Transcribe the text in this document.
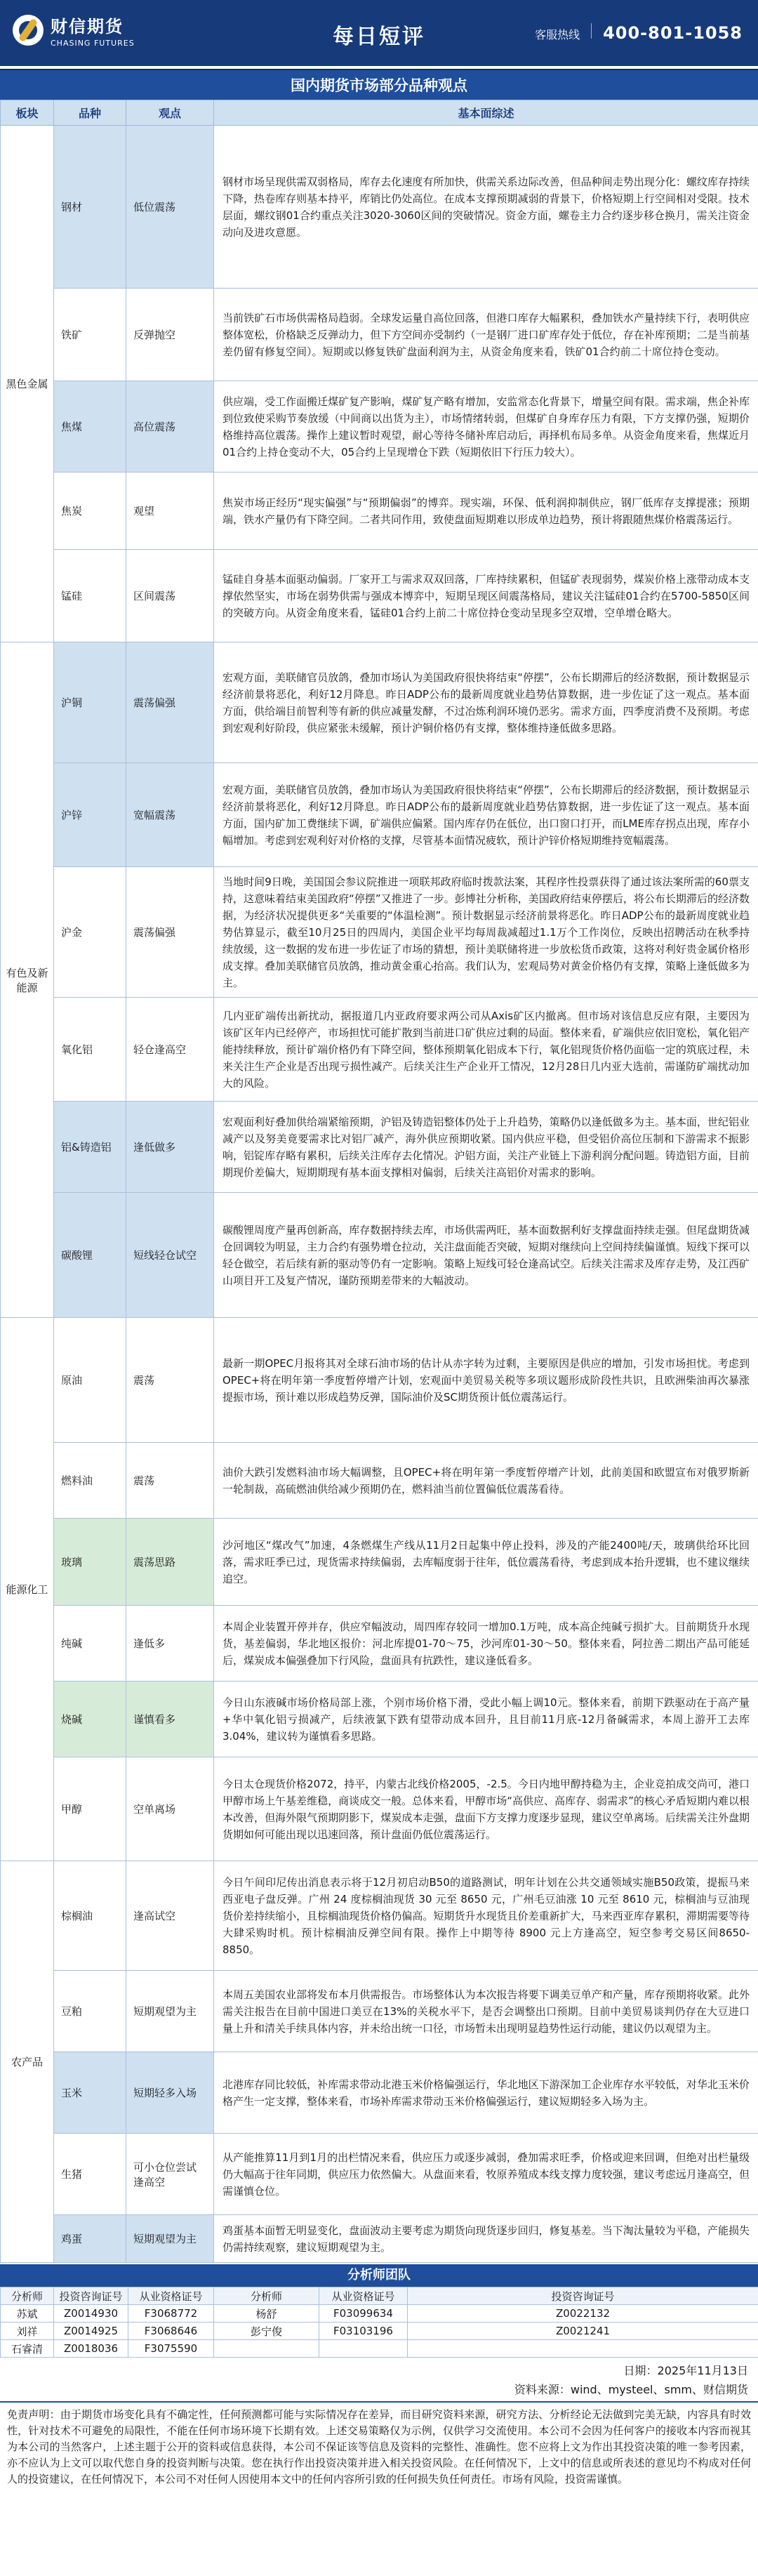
财信期货
CHASING FUTURES	每日短评	客服热线 400-801-1058
国内期货市场部分品种观点
板块	品种	观点	基本面综述
黑色金属	钢材	低位震荡	钢材市场呈现供需双弱格局，库存去化速度有所加快，供需关系边际改善，但品种间走势出现分化：螺纹库存持续下降，热卷库存则基本持平，库销比仍处高位。在成本支撑预期减弱的背景下，价格短期上行空间相对受限。技术层面，螺纹钢01合约重点关注3020-3060区间的突破情况。资金方面，螺卷主力合约逐步移仓换月，需关注资金动向及进攻意愿。
	铁矿	反弹抛空	当前铁矿石市场供需格局趋弱。全球发运量自高位回落，但港口库存大幅累积，叠加铁水产量持续下行，表明供应整体宽松，价格缺乏反弹动力，但下方空间亦受制约（一是钢厂进口矿库存处于低位，存在补库预期；二是当前基差仍留有修复空间）。短期或以修复铁矿盘面利润为主，从资金角度来看，铁矿01合约前二十席位持仓变动。
	焦煤	高位震荡	供应端，受工作面搬迁煤矿复产影响，煤矿复产略有增加，安监常态化背景下，增量空间有限。需求端，焦企补库到位致使采购节奏放缓（中间商以出货为主），市场情绪转弱，但煤矿自身库存压力有限，下方支撑仍强，短期价格维持高位震荡。操作上建议暂时观望，耐心等待冬储补库启动后，再择机布局多单。从资金角度来看，焦煤近月01合约上持仓变动不大，05合约上呈现增仓下跌（短期依旧下行压力较大）。
	焦炭	观望	焦炭市场正经历“现实偏强”与“预期偏弱”的博弈。现实端，环保、低利润抑制供应，钢厂低库存支撑提涨；预期端，铁水产量仍有下降空间。二者共同作用，致使盘面短期难以形成单边趋势，预计将跟随焦煤价格震荡运行。
	锰硅	区间震荡	锰硅自身基本面驱动偏弱。厂家开工与需求双双回落，厂库持续累积，但锰矿表现弱势，煤炭价格上涨带动成本支撑依然坚实，市场在弱势供需与强成本博弈中，短期呈现区间震荡格局，建议关注锰硅01合约在5700-5850区间的突破方向。从资金角度来看，锰硅01合约上前二十席位持仓变动呈现多空双增，空单增仓略大。
有色及新能源	沪铜	震荡偏强	宏观方面，美联储官员放鸽，叠加市场认为美国政府很快将结束“停摆”，公布长期滞后的经济数据，预计数据显示经济前景将恶化，利好12月降息。昨日ADP公布的最新周度就业趋势估算数据，进一步佐证了这一观点。基本面方面，供给端目前智利等有新的供应减量发酵，不过冶炼利润环境仍恶劣。需求方面，四季度消费不及预期。考虑到宏观利好阶段，供应紧张未缓解，预计沪铜价格仍有支撑，整体维持逢低做多思路。
	沪锌	宽幅震荡	宏观方面，美联储官员放鸽，叠加市场认为美国政府很快将结束“停摆”，公布长期滞后的经济数据，预计数据显示经济前景将恶化，利好12月降息。昨日ADP公布的最新周度就业趋势估算数据，进一步佐证了这一观点。基本面方面，国内矿加工费继续下调，矿端供应偏紧。国内库存仍在低位，出口窗口打开，而LME库存拐点出现，库存小幅增加。考虑到宏观利好对价格的支撑，尽管基本面情况疲软，预计沪锌价格短期维持宽幅震荡。
	沪金	震荡偏强	当地时间9日晚，美国国会参议院推进一项联邦政府临时拨款法案，其程序性投票获得了通过该法案所需的60票支持，这意味着结束美国政府“停摆”又推进了一步。彭博社分析称，美国政府结束停摆后，将公布长期滞后的经济数据，为经济状况提供更多“关重要的“体温检测”。预计数据显示经济前景将恶化。昨日ADP公布的最新周度就业趋势估算显示，截至10月25日的四周内，美国企业平均每周裁减超过1.1万个工作岗位，反映出招聘活动在秋季持续放缓，这一数据的发布进一步佐证了市场的猜想，预计美联储将进一步放松货币政策，这将对利好贵金属价格形成支撑。叠加美联储官员放鸽，推动黄金重心抬高。我们认为，宏观局势对黄金价格仍有支撑，策略上逢低做多为主。
	氧化铝	轻仓逢高空	几内亚矿端传出新扰动，据报道几内亚政府要求两公司从Axis矿区内撤离。但市场对该信息反应有限，主要因为该矿区年内已经停产，市场担忧可能扩散到当前进口矿供应过剩的局面。整体来看，矿端供应依旧宽松，氧化铝产能持续释放，预计矿端价格仍有下降空间，整体预期氧化铝成本下行，氧化铝现货价格仍面临一定的筑底过程，未来关注生产企业是否出现亏损性减产。后续关注生产企业开工情况，12月28日几内亚大选前，需谨防矿端扰动加大的风险。
	铝&铸造铝	逢低做多	宏观面利好叠加供给端紧缩预期，沪铝及铸造铝整体仍处于上升趋势，策略仍以逢低做多为主。基本面，世纪铝业减产以及努美竟要需求比对铝厂减产，海外供应预期收紧。国内供应平稳，但受铝价高位压制和下游需求不振影响，铝锭库存略有累积，后续关注库存去化情况。沪铝方面，关注产业链上下游利润分配问题。铸造铝方面，目前期现价差偏大，短期期现有基本面支撑相对偏弱，后续关注高铝价对需求的影响。
	碳酸锂	短线轻仓试空	碳酸锂周度产量再创新高，库存数据持续去库，市场供需两旺，基本面数据利好支撑盘面持续走强。但尾盘期货减仓回调较为明显，主力合约有强势增仓拉动，关注盘面能否突破，短期对继续向上空间持续偏谨慎。短线下探可以轻仓做空，若后续有新的驱动等仍有一定影响。策略上短线可轻仓逢高试空。后续关注需求及库存走势，及江西矿山项目开工及复产情况，谨防预期差带来的大幅波动。
能源化工	原油	震荡	最新一期OPEC月报将其对全球石油市场的估计从赤字转为过剩，主要原因是供应的增加，引发市场担忧。考虑到OPEC+将在明年第一季度暂停增产计划，宏观面中美贸易关税等多项议题形成阶段性共识，且欧洲柴油再次暴涨提振市场，预计难以形成趋势反弹，国际油价及SC期货预计低位震荡运行。
	燃料油	震荡	油价大跌引发燃料油市场大幅调整，且OPEC+将在明年第一季度暂停增产计划，此前美国和欧盟宣布对俄罗斯新一轮制裁，高硫燃油供给减少预期仍在，燃料油当前位置偏低位震荡看待。
	玻璃	震荡思路	沙河地区“煤改气”加速，4条燃煤生产线从11月2日起集中停止投料，涉及的产能2400吨/天，玻璃供给环比回落，需求旺季已过，现货需求持续偏弱，去库幅度弱于往年，低位震荡看待，考虑到成本抬升逻辑，也不建议继续追空。
	纯碱	逢低多	本周企业装置开停并存，供应窄幅波动，周四库存较同一增加0.1万吨，成本高企纯碱亏损扩大。目前期货升水现货，基差偏弱，华北地区报价：河北库提01-70～75，沙河库01-30～50。整体来看，阿拉善二期出产品可能延后，煤炭成本偏强叠加下行风险，盘面具有抗跌性，建议逢低看多。
	烧碱	谨慎看多	今日山东液碱市场价格局部上涨，个别市场价格下滑，受此小幅上调10元。整体来看，前期下跌驱动在于高产量+华中氧化铝亏损减产，后续液氯下跌有望带动成本回升，且目前11月底-12月备碱需求，本周上游开工去库3.04%，建议转为谨慎看多思路。
	甲醇	空单离场	今日太仓现货价格2072，持平，内蒙古北线价格2005，-2.5。今日内地甲醇持稳为主，企业竞拍成交尚可，港口甲醇市场上午基差维稳，商谈成交一般。总体来看，甲醇市场“高供应、高库存、弱需求”的核心矛盾短期内难以根本改善，但海外限气预期阴影下，煤炭成本走强，盘面下方支撑力度逐步显现，建议空单离场。后续需关注外盘期货期如何可能出现以迅速回落，预计盘面仍低位震荡运行。
农产品	棕榈油	逢高试空	今日午间印尼传出消息表示将于12月初启动B50的道路测试，明年计划在公共交通领域实施B50政策，提振马来西亚电子盘反弹。广州 24 度棕榈油现货 30 元至 8650 元，广州毛豆油涨 10 元至 8610 元，棕榈油与豆油现货价差持续缩小，且棕榈油现货价格仍偏高。短期货升水现货且价差重新扩大，马来西亚库存累积，滞期需要等待大肆采购时机。预计棕榈油反弹空间有限。操作上中期等待 8900 元上方逢高空，短空参考交易区间8650-8850。
	豆粕	短期观望为主	本周五美国农业部将发布本月供需报告。市场整体认为本次报告将要下调美豆单产和产量，库存预期将收紧。此外需关注报告在目前中国进口美豆在13%的关税水平下，是否会调整出口预期。目前中美贸易谈判仍存在大豆进口量上升和清关手续具体内容，并未给出统一口径，市场暂未出现明显趋势性运行动能，建议仍以观望为主。
	玉米	短期轻多入场	北港库存同比较低，补库需求带动北港玉米价格偏强运行，华北地区下游深加工企业库存水平较低，对华北玉米价格产生一定支撑，整体来看，市场补库需求带动玉米价格偏强运行，建议短期轻多入场为主。
	生猪	可小仓位尝试逢高空	从产能推算11月到1月的出栏情况来看，供应压力或逐步减弱，叠加需求旺季，价格或迎来回调，但绝对出栏量级仍大幅高于往年同期，供应压力依然偏大。从盘面来看，牧原养殖成本线支撑力度较强，建议考虑远月逢高空，但需谨慎仓位。
	鸡蛋	短期观望为主	鸡蛋基本面暂无明显变化，盘面波动主要考虑为期货向现货逐步回归，修复基差。当下淘汰量较为平稳，产能损失仍需持续观察，建议短期观望为主。
分析师团队
分析师	投资咨询证号	从业资格证号	分析师	从业资格证号	投资咨询证号
苏斌	Z0014930	F3068772	杨舒	F03099634	Z0022132
刘祥	Z0014925	F3068646	彭宁俊	F03103196	Z0021241
石睿清	Z0018036	F3075590			
日期：2025年11月13日
资料来源：wind、mysteel、smm、财信期货
免责声明：由于期货市场变化具有不确定性，任何预测都可能与实际情况存在差异，而目研究资料来源，研究方法、分析经论无法做到完美无缺，内容具有时效性，针对技术不可避免的局限性，不能在任何市场环境下长期有效。上述交易策略仅为示例，仅供学习交流使用。本公司不会因为任何客户的接收本内容而视其为本公司的当然客户，上述主题于公开的资料或信息获得，本公司不保证该等信息及资料的完整性、准确性。您不应将上文为作出其投资决策的唯一参考因素，亦不应认为上文可以取代您自身的投资判断与决策。您在执行作出投资决策并进入相关投资风险。在任何情况下，上文中的信息或所表述的意见均不构成对任何人的投资建议，在任何情况下，本公司不对任何人因使用本文中的任何内容所引致的任何损失负任何责任。市场有风险，投资需谨慎。
